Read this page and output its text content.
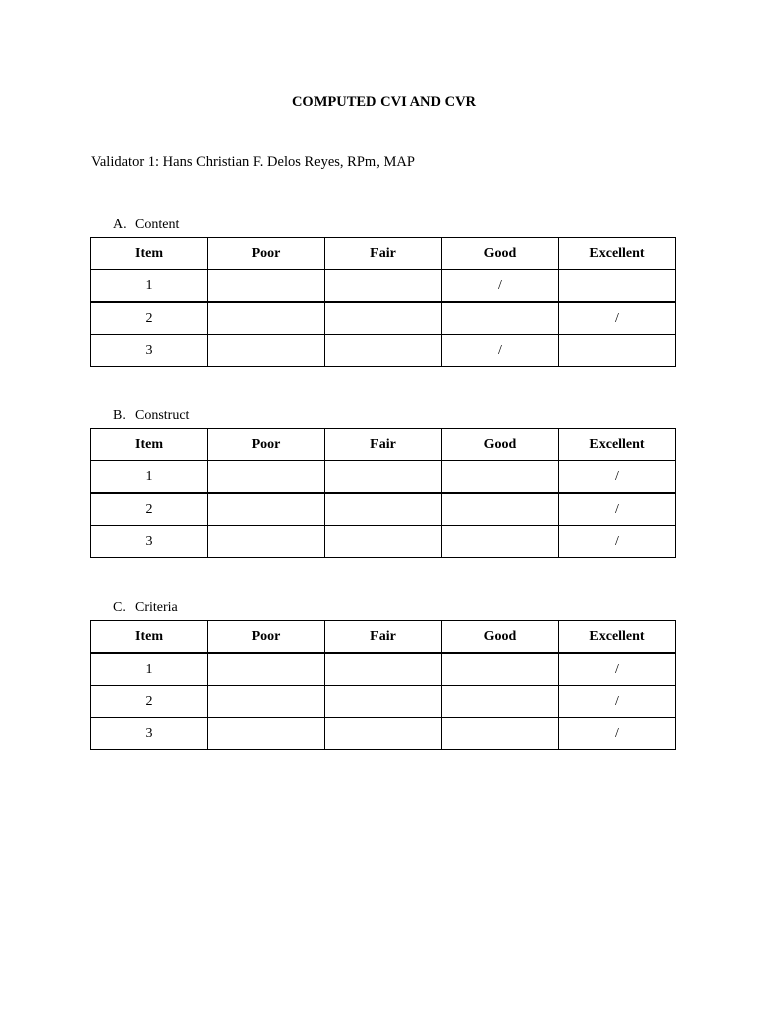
COMPUTED CVI AND CVR
Validator 1: Hans Christian F. Delos Reyes, RPm, MAP
A. Content
Item	Poor	Fair	Good	Excellent
1			/	
2				/
3			/	
B. Construct
Item	Poor	Fair	Good	Excellent
1				/
2				/
3				/
C. Criteria
Item	Poor	Fair	Good	Excellent
1				/
2				/
3				/
